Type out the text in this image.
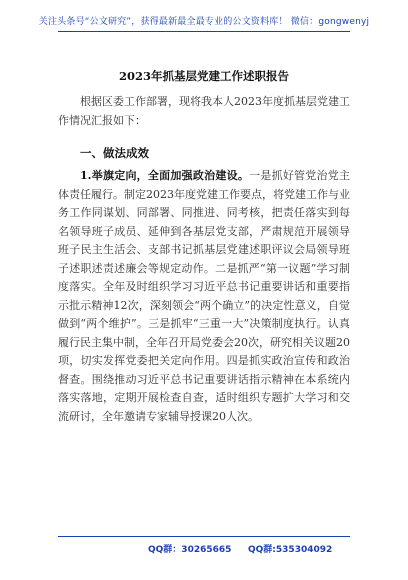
关注头条号“公文研究”，获得最新最全最专业的公文资料库！ 微信：gongwenyj
2023年抓基层党建工作述职报告

根据区委工作部署，现将我本人2023年度抓基层党建工作情况汇报如下：

一、做法成效

1.举旗定向，全面加强政治建设。一是抓好管党治党主体责任履行。制定2023年度党建工作要点，将党建工作与业务工作同谋划、同部署、同推进、同考核，把责任落实到每名领导班子成员、延伸到各基层党支部，严肃规范开展领导班子民主生活会、支部书记抓基层党建述职评议会局领导班子述职述责述廉会等规定动作。二是抓严“第一议题”学习制度落实。全年及时组织学习习近平总书记重要讲话和重要指示批示精神12次，深刻领会“两个确立”的决定性意义，自觉做到“两个维护”。三是抓牢“三重一大”决策制度执行。认真履行民主集中制，全年召开局党委会20次，研究相关议题20项，切实发挥党委把关定向作用。四是抓实政治宣传和政治督查。围绕推动习近平总书记重要讲话指示精神在本系统内落实落地，定期开展检查自查，适时组织专题扩大学习和交流研讨，全年邀请专家辅导授课20人次。

QQ群：30265665 QQ群:535304092
